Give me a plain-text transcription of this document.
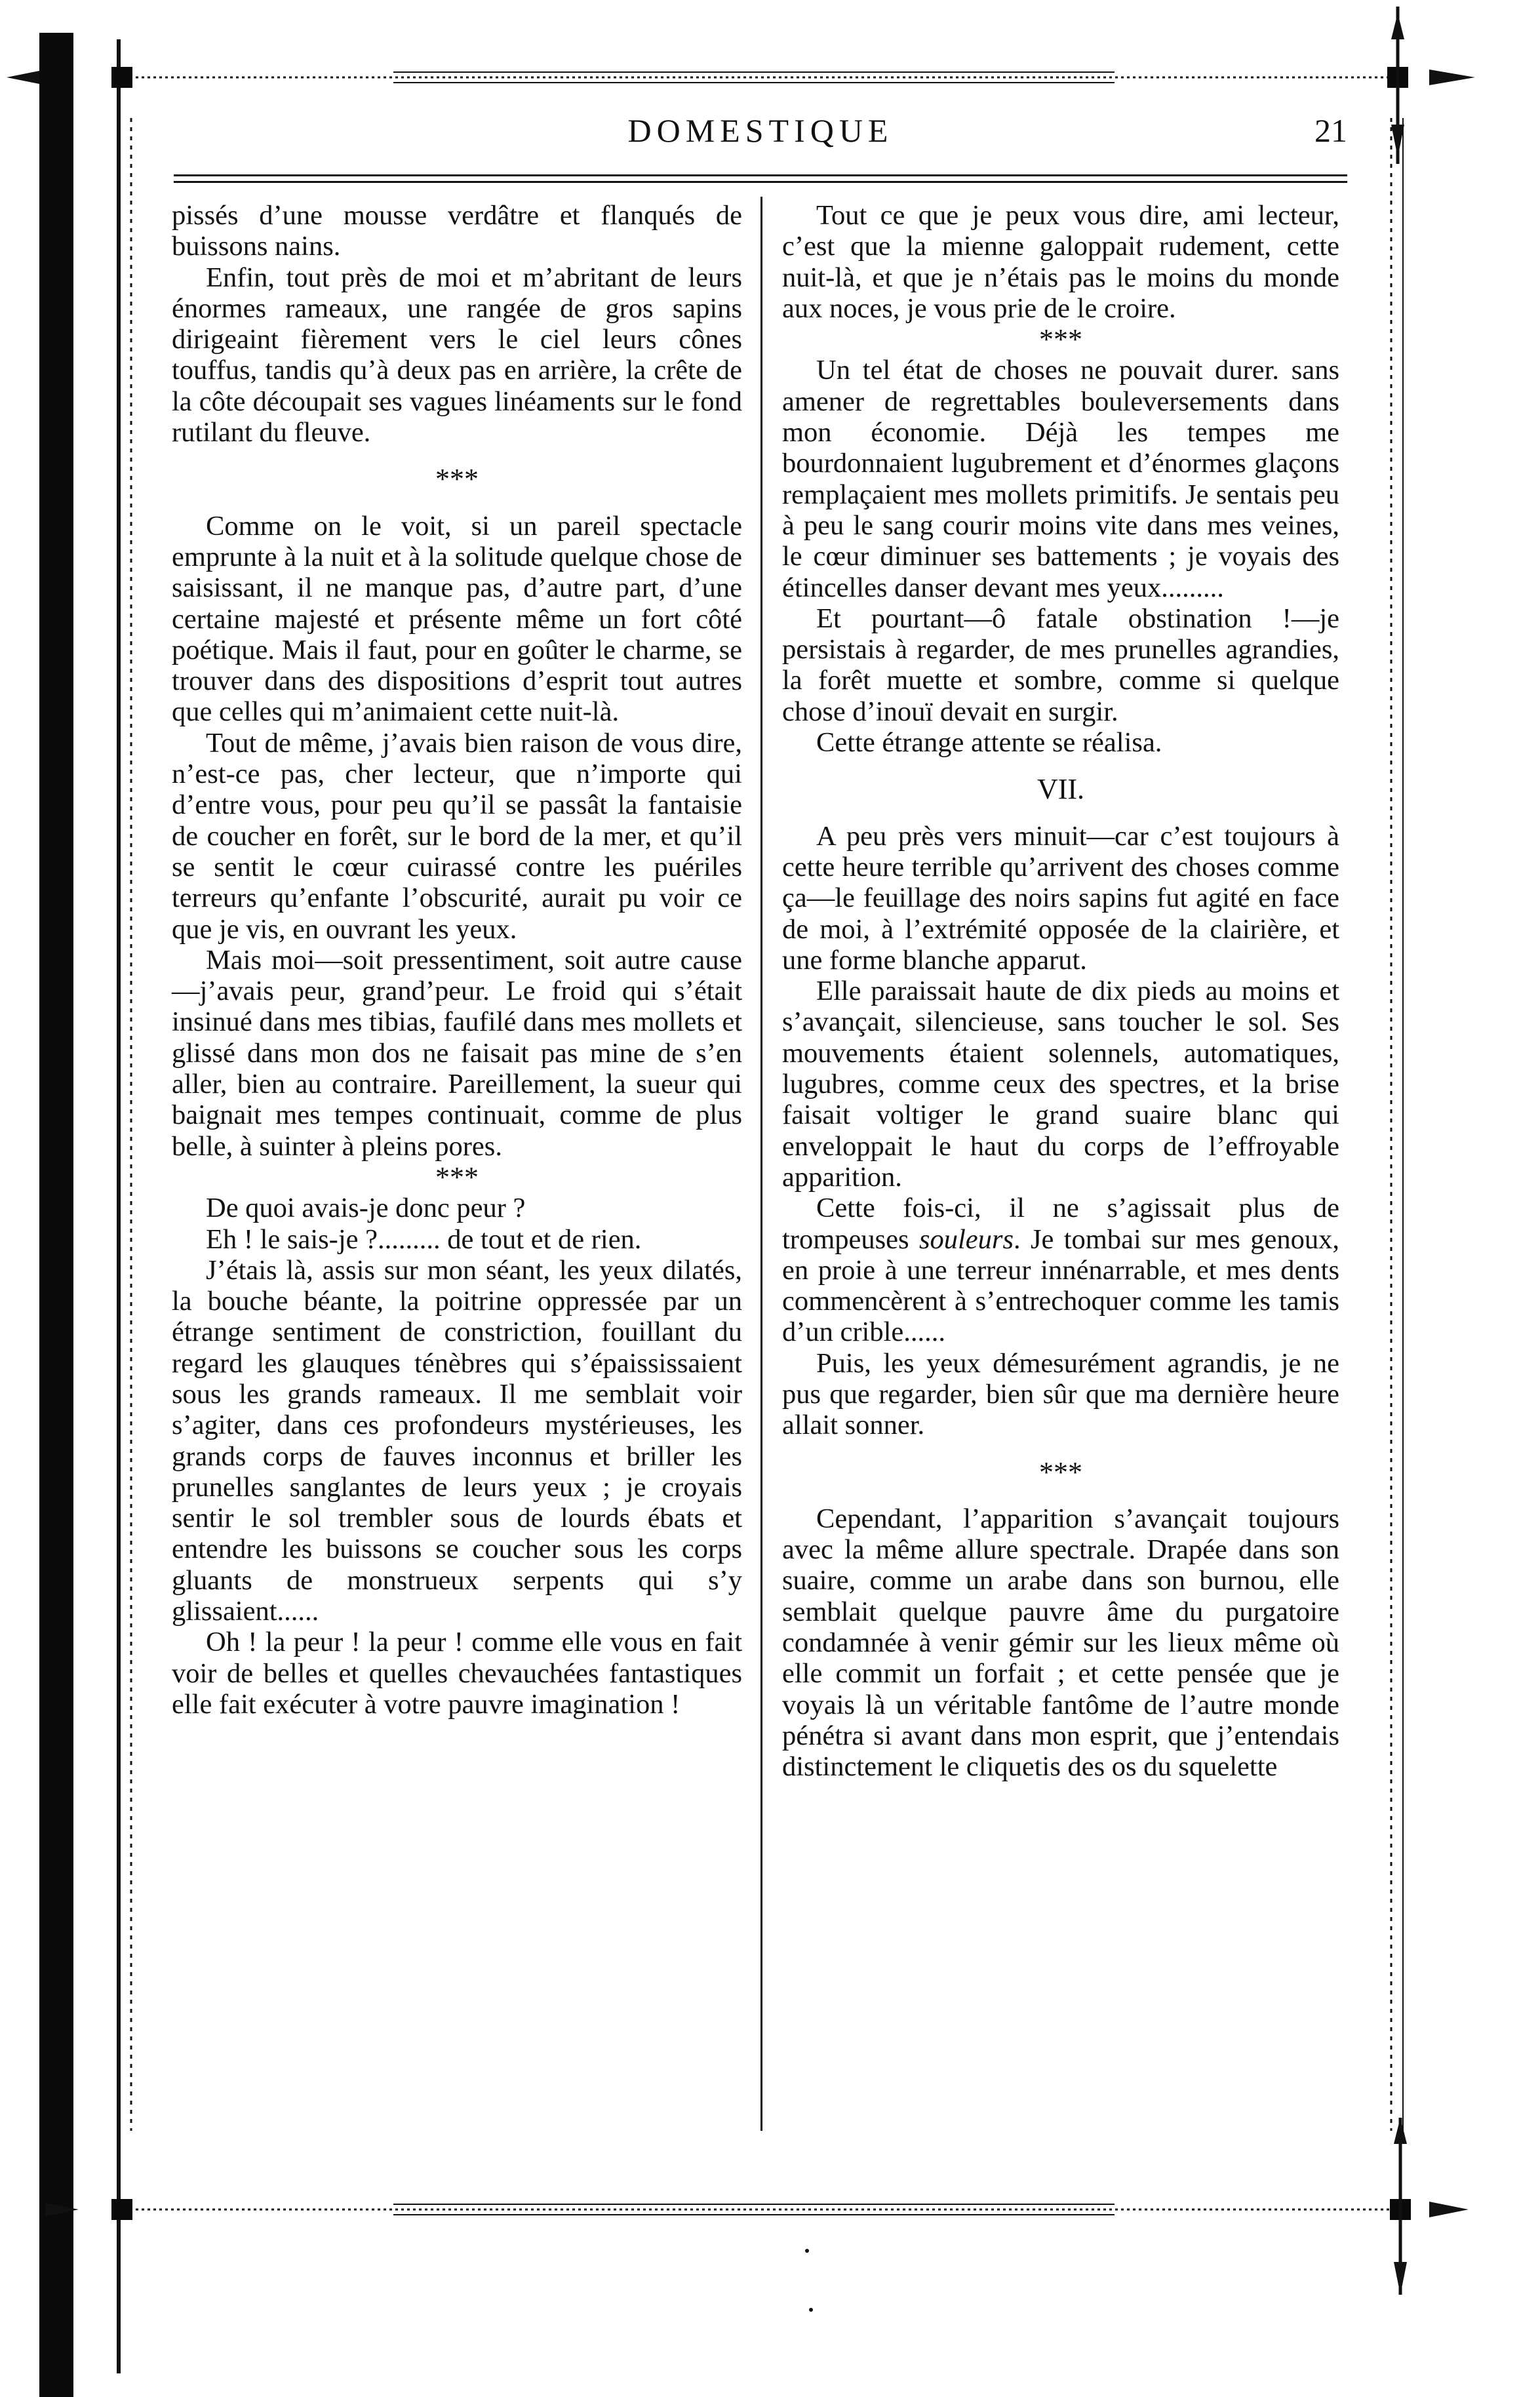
DOMESTIQUE	21

pissés d’une mousse verdâtre et flanqués de buissons nains.

Enfin, tout près de moi et m’abritant de leurs énormes rameaux, une rangée de gros sapins dirigeaint fièrement vers le ciel leurs cônes touffus, tandis qu’à deux pas en arrière, la crête de la côte découpait ses vagues linéaments sur le fond rutilant du fleuve.

***

Comme on le voit, si un pareil spectacle emprunte à la nuit et à la solitude quelque chose de saisissant, il ne manque pas, d’autre part, d’une certaine majesté et présente même un fort côté poétique. Mais il faut, pour en goûter le charme, se trouver dans des dispositions d’esprit tout autres que celles qui m’animaient cette nuit-là.

Tout de même, j’avais bien raison de vous dire, n’est-ce pas, cher lecteur, que n’importe qui d’entre vous, pour peu qu’il se passât la fantaisie de coucher en forêt, sur le bord de la mer, et qu’il se sentit le cœur cuirassé contre les puériles terreurs qu’enfante l’obscurité, aurait pu voir ce que je vis, en ouvrant les yeux.

Mais moi—soit pressentiment, soit autre cause—j’avais peur, grand’peur. Le froid qui s’était insinué dans mes tibias, faufilé dans mes mollets et glissé dans mon dos ne faisait pas mine de s’en aller, bien au contraire. Pareillement, la sueur qui baignait mes tempes continuait, comme de plus belle, à suinter à pleins pores.

***

De quoi avais-je donc peur ?

Eh ! le sais-je ?......... de tout et de rien.

J’étais là, assis sur mon séant, les yeux dilatés, la bouche béante, la poitrine oppressée par un étrange sentiment de constriction, fouillant du regard les glauques ténèbres qui s’épaississaient sous les grands rameaux. Il me semblait voir s’agiter, dans ces profondeurs mystérieuses, les grands corps de fauves inconnus et briller les prunelles sanglantes de leurs yeux ; je croyais sentir le sol trembler sous de lourds ébats et entendre les buissons se coucher sous les corps gluants de monstrueux serpents qui s’y glissaient......

Oh ! la peur ! la peur ! comme elle vous en fait voir de belles et quelles chevauchées fantastiques elle fait exécuter à votre pauvre imagination !

Tout ce que je peux vous dire, ami lecteur, c’est que la mienne galoppait rudement, cette nuit-là, et que je n’étais pas le moins du monde aux noces, je vous prie de le croire.

***

Un tel état de choses ne pouvait durer. sans amener de regrettables bouleversements dans mon économie. Déjà les tempes me bourdonnaient lugubrement et d’énormes glaçons remplaçaient mes mollets primitifs. Je sentais peu à peu le sang courir moins vite dans mes veines, le cœur diminuer ses battements ; je voyais des étincelles danser devant mes yeux.........

Et pourtant—ô fatale obstination !—je persistais à regarder, de mes prunelles agrandies, la forêt muette et sombre, comme si quelque chose d’inouï devait en surgir.

Cette étrange attente se réalisa.

VII.

A peu près vers minuit—car c’est toujours à cette heure terrible qu’arrivent des choses comme ça—le feuillage des noirs sapins fut agité en face de moi, à l’extrémité opposée de la clairière, et une forme blanche apparut.

Elle paraissait haute de dix pieds au moins et s’avançait, silencieuse, sans toucher le sol. Ses mouvements étaient solennels, automatiques, lugubres, comme ceux des spectres, et la brise faisait voltiger le grand suaire blanc qui enveloppait le haut du corps de l’effroyable apparition.

Cette fois-ci, il ne s’agissait plus de trompeuses souleurs. Je tombai sur mes genoux, en proie à une terreur innénarrable, et mes dents commencèrent à s’entrechoquer comme les tamis d’un crible......

Puis, les yeux démesurément agrandis, je ne pus que regarder, bien sûr que ma dernière heure allait sonner.

***

Cependant, l’apparition s’avançait toujours avec la même allure spectrale. Drapée dans son suaire, comme un arabe dans son burnou, elle semblait quelque pauvre âme du purgatoire condamnée à venir gémir sur les lieux même où elle commit un forfait ; et cette pensée que je voyais là un véritable fantôme de l’autre monde pénétra si avant dans mon esprit, que j’entendais distinctement le cliquetis des os du squelette
